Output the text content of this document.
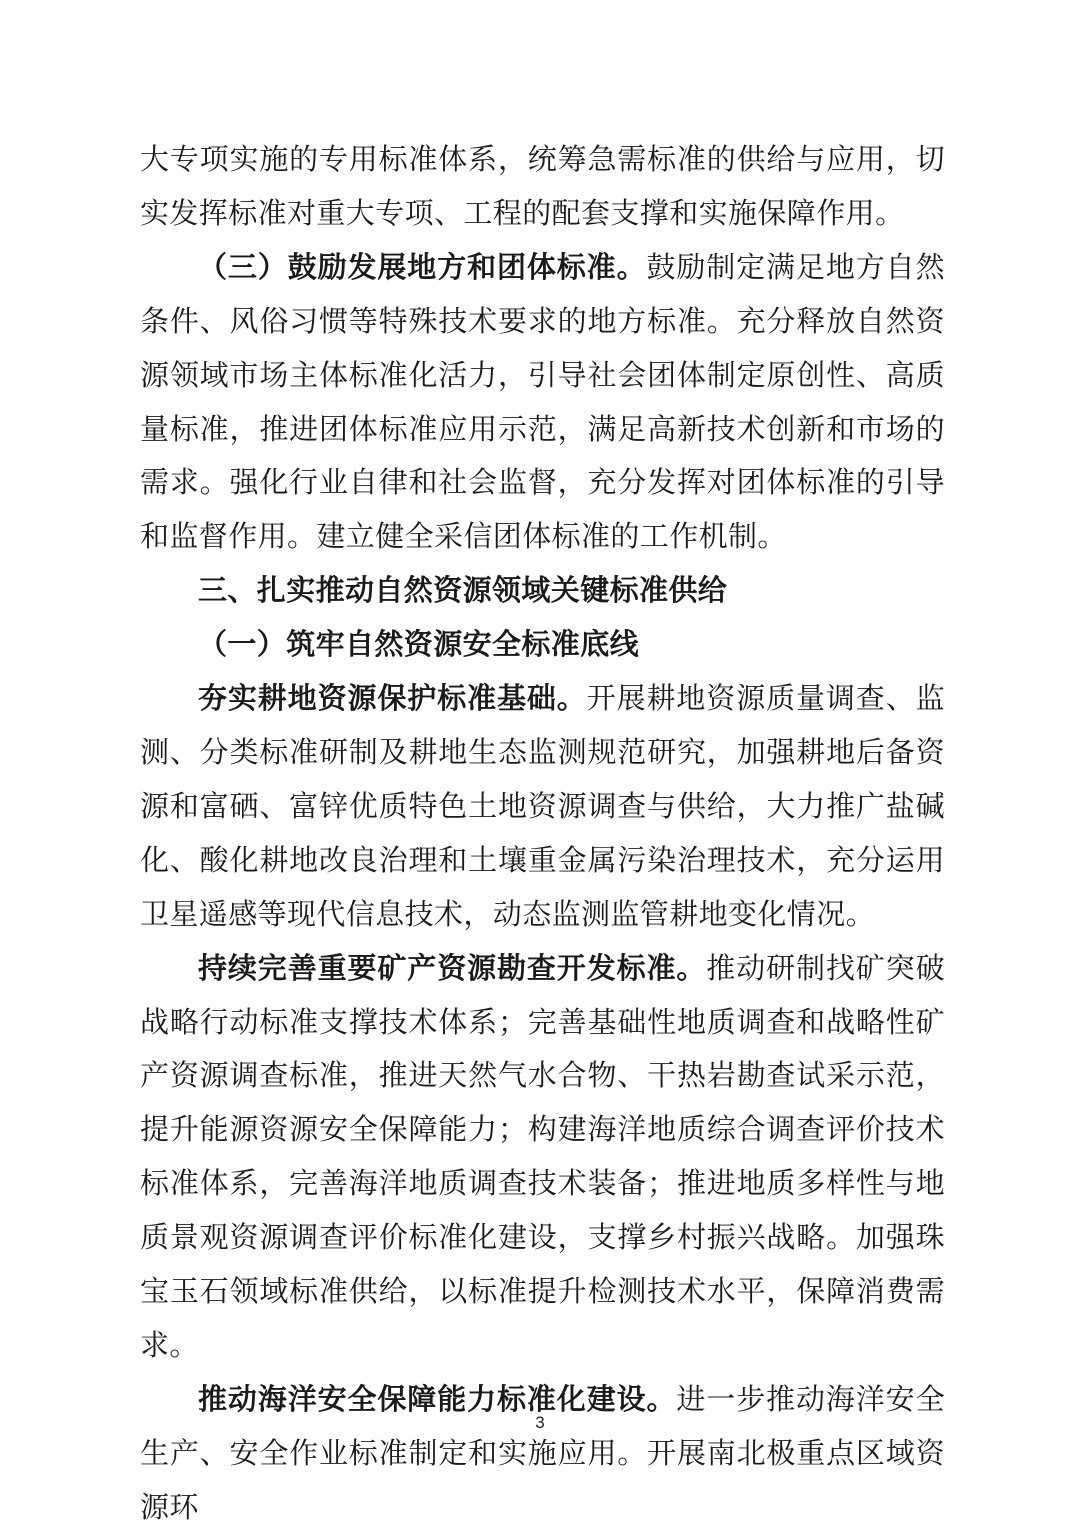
大专项实施的专用标准体系，统筹急需标准的供给与应用，切实发挥标准对重大专项、工程的配套支撑和实施保障作用。

（三）鼓励发展地方和团体标准。鼓励制定满足地方自然条件、风俗习惯等特殊技术要求的地方标准。充分释放自然资源领域市场主体标准化活力，引导社会团体制定原创性、高质量标准，推进团体标准应用示范，满足高新技术创新和市场的需求。强化行业自律和社会监督，充分发挥对团体标准的引导和监督作用。建立健全采信团体标准的工作机制。

三、扎实推动自然资源领域关键标准供给

（一）筑牢自然资源安全标准底线

夯实耕地资源保护标准基础。开展耕地资源质量调查、监测、分类标准研制及耕地生态监测规范研究，加强耕地后备资源和富硒、富锌优质特色土地资源调查与供给，大力推广盐碱化、酸化耕地改良治理和土壤重金属污染治理技术，充分运用卫星遥感等现代信息技术，动态监测监管耕地变化情况。

持续完善重要矿产资源勘查开发标准。推动研制找矿突破战略行动标准支撑技术体系；完善基础性地质调查和战略性矿产资源调查标准，推进天然气水合物、干热岩勘查试采示范，提升能源资源安全保障能力；构建海洋地质综合调查评价技术标准体系，完善海洋地质调查技术装备；推进地质多样性与地质景观资源调查评价标准化建设，支撑乡村振兴战略。加强珠宝玉石领域标准供给，以标准提升检测技术水平，保障消费需求。

推动海洋安全保障能力标准化建设。进一步推动海洋安全生产、安全作业标准制定和实施应用。开展南北极重点区域资源环

3
